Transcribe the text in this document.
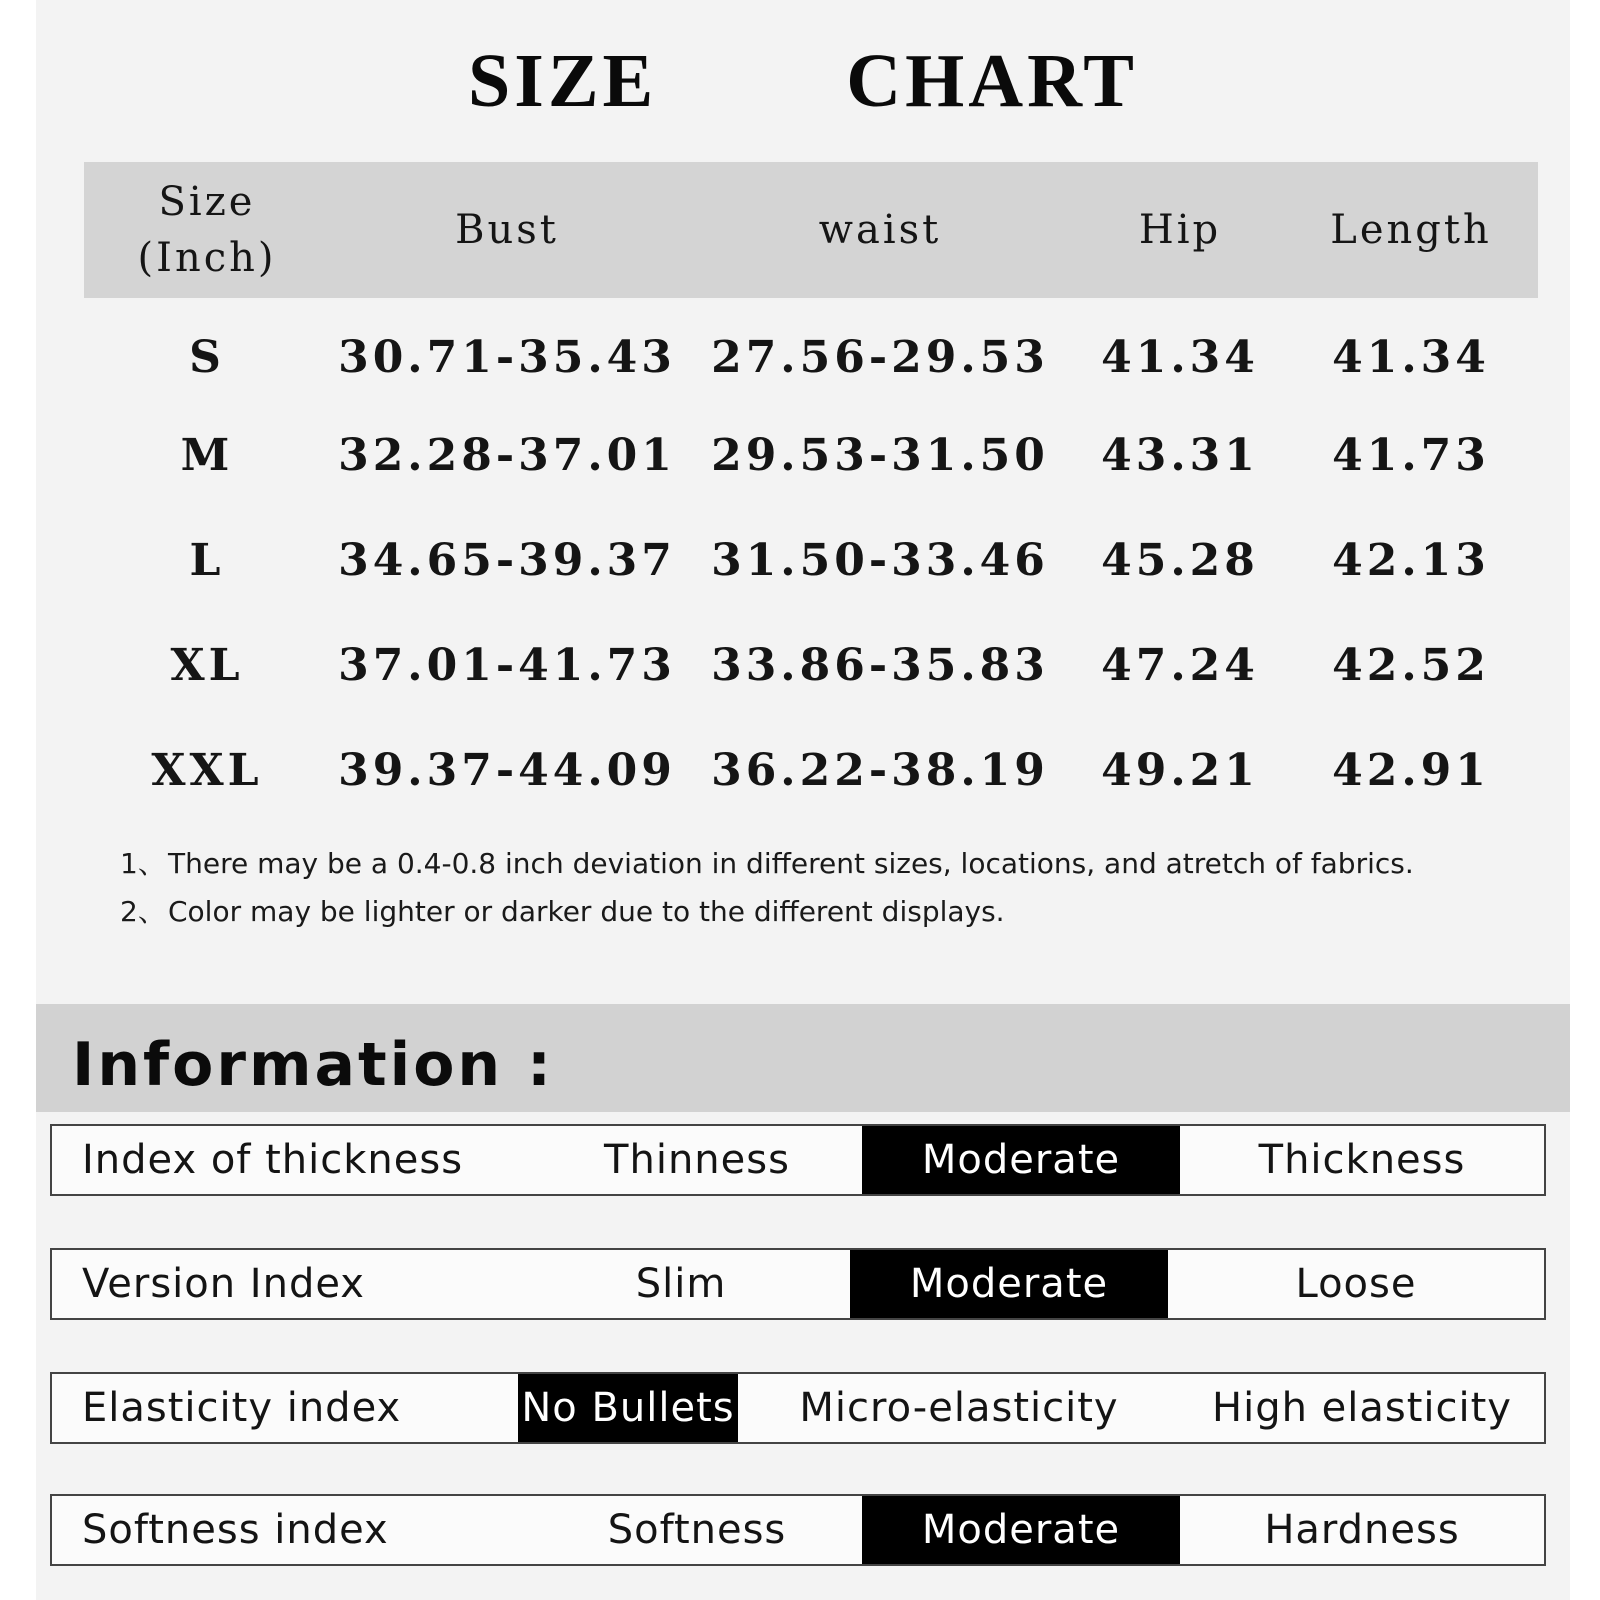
SIZE   CHART
Size
(Inch)	Bust	waist	Hip	Length
S	30.71-35.43	27.56-29.53	41.34	41.34
M	32.28-37.01	29.53-31.50	43.31	41.73
L	34.65-39.37	31.50-33.46	45.28	42.13
XL	37.01-41.73	33.86-35.83	47.24	42.52
XXL	39.37-44.09	36.22-38.19	49.21	42.91
1、 There may be a 0.4-0.8 inch deviation in different sizes, locations, and atretch of fabrics.
2、 Color may be lighter or darker due to the different displays.
Information :
Index of thickness	Thinness	Moderate	Thickness
Version Index	Slim	Moderate	Loose
Elasticity index	No Bullets	Micro-elasticity	High elasticity
Softness index	Softness	Moderate	Hardness
